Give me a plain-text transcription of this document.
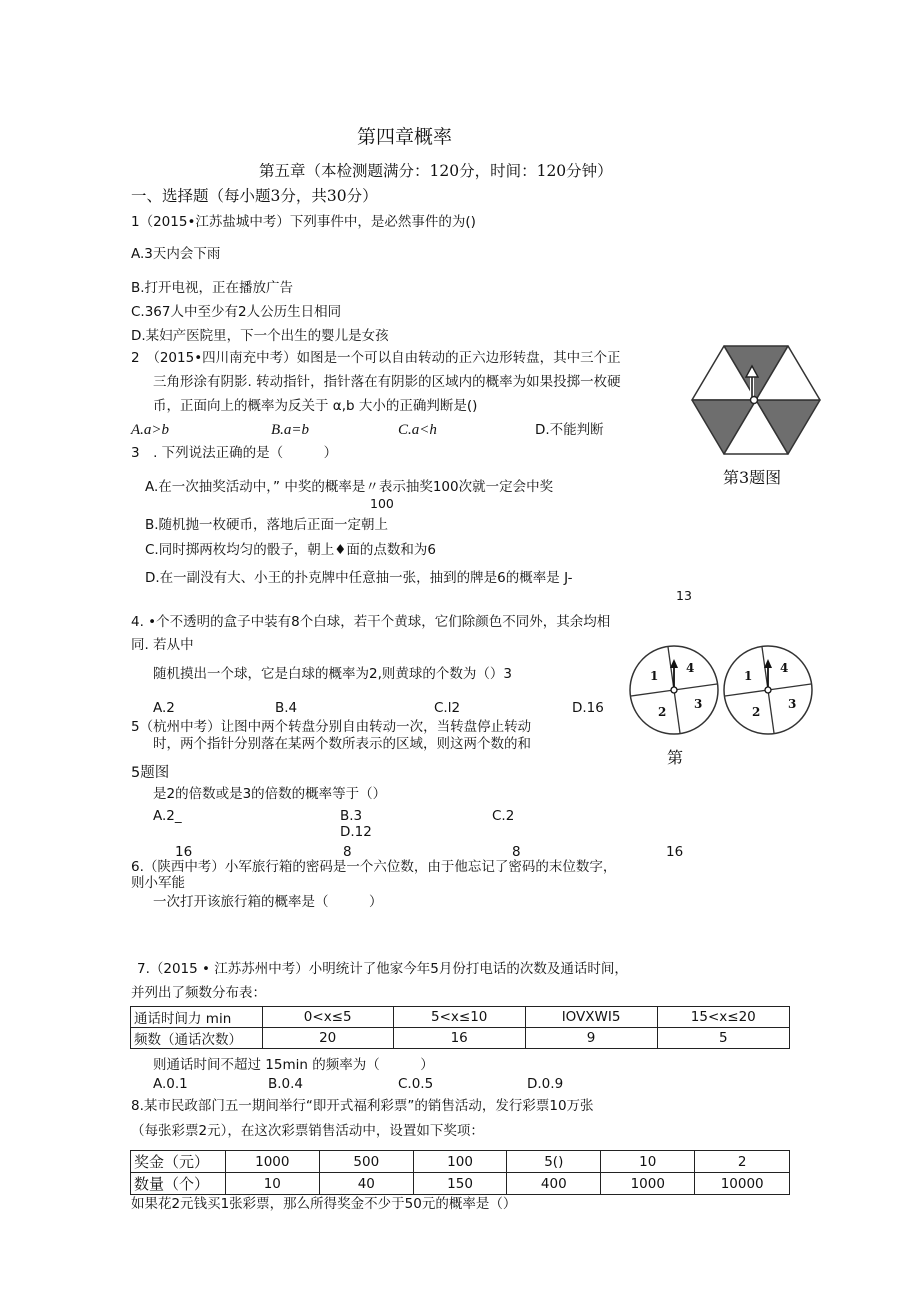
第四章概率
第五章（本检测题满分：120分，时间：120分钟）
一、选择题（每小题3分，共30分）
1（2015•江苏盐城中考）下列事件中，是必然事件的为()
A.3天内会下雨
B.打开电视，正在播放广告
C.367人中至少有2人公历生日相同
D.某妇产医院里，下一个出生的婴儿是女孩
2　（2015•四川南充中考）如图是一个可以自由转动的正六边形转盘，其中三个正
三角形涂有阴影. 转动指针，指针落在有阴影的区域内的概率为如果投掷一枚硬
币，正面向上的概率为反关于 α,b 大小的正确判断是()
A.a>b	B.a=b	C.a<h	D.不能判断
第3题图
3　. 下列说法正确的是（　　　）
A.在一次抽奖活动中，” 中奖的概率是〃表示抽奖100次就一定会中奖
100
B.随机抛一枚硬币，落地后正面一定朝上
C.同时掷两枚均匀的骰子，朝上♦面的点数和为6
D.在一副没有大、小王的扑克牌中任意抽一张，抽到的牌是6的概率是 J-
13
4. •个不透明的盒子中装有8个白球，若干个黄球，它们除颜色不同外，其余均相
同. 若从中
随机摸出一个球，它是白球的概率为2,则黄球的个数为（）3
A.2	B.4	C.l2	D.16
1
4
2
3
1
4
2
3
第
5（杭州中考）让图中两个转盘分别自由转动一次，当转盘停止转动
时，两个指针分别落在某两个数所表示的区域，则这两个数的和
5题图
是2的倍数或是3的倍数的概率等于（）
A.2_	B.3	C.2
D.12
16	8	8	16
6.（陕西中考）小军旅行箱的密码是一个六位数，由于他忘记了密码的末位数字，
则小军能
一次打开该旅行箱的概率是（　　　）
7.（2015 • 江苏苏州中考）小明统计了他家今年5月份打电话的次数及通话时间，
并列出了频数分布表：
通话时间力 min	0<x≤5	5<x≤10	IOVXWI5	15<x≤20
频数（通话次数）	20	16	9	5
则通话时间不超过 15min 的频率为（　　　）
A.0.1	B.0.4	C.0.5	D.0.9
8.某市民政部门五一期间举行“即开式福利彩票”的销售活动，发行彩票10万张
（每张彩票2元），在这次彩票销售活动中，设置如下奖项：
奖金（元）	1000	500	100	5()	10	2
数量（个）	10	40	150	400	1000	10000
如果花2元钱买1张彩票，那么所得奖金不少于50元的概率是（）
